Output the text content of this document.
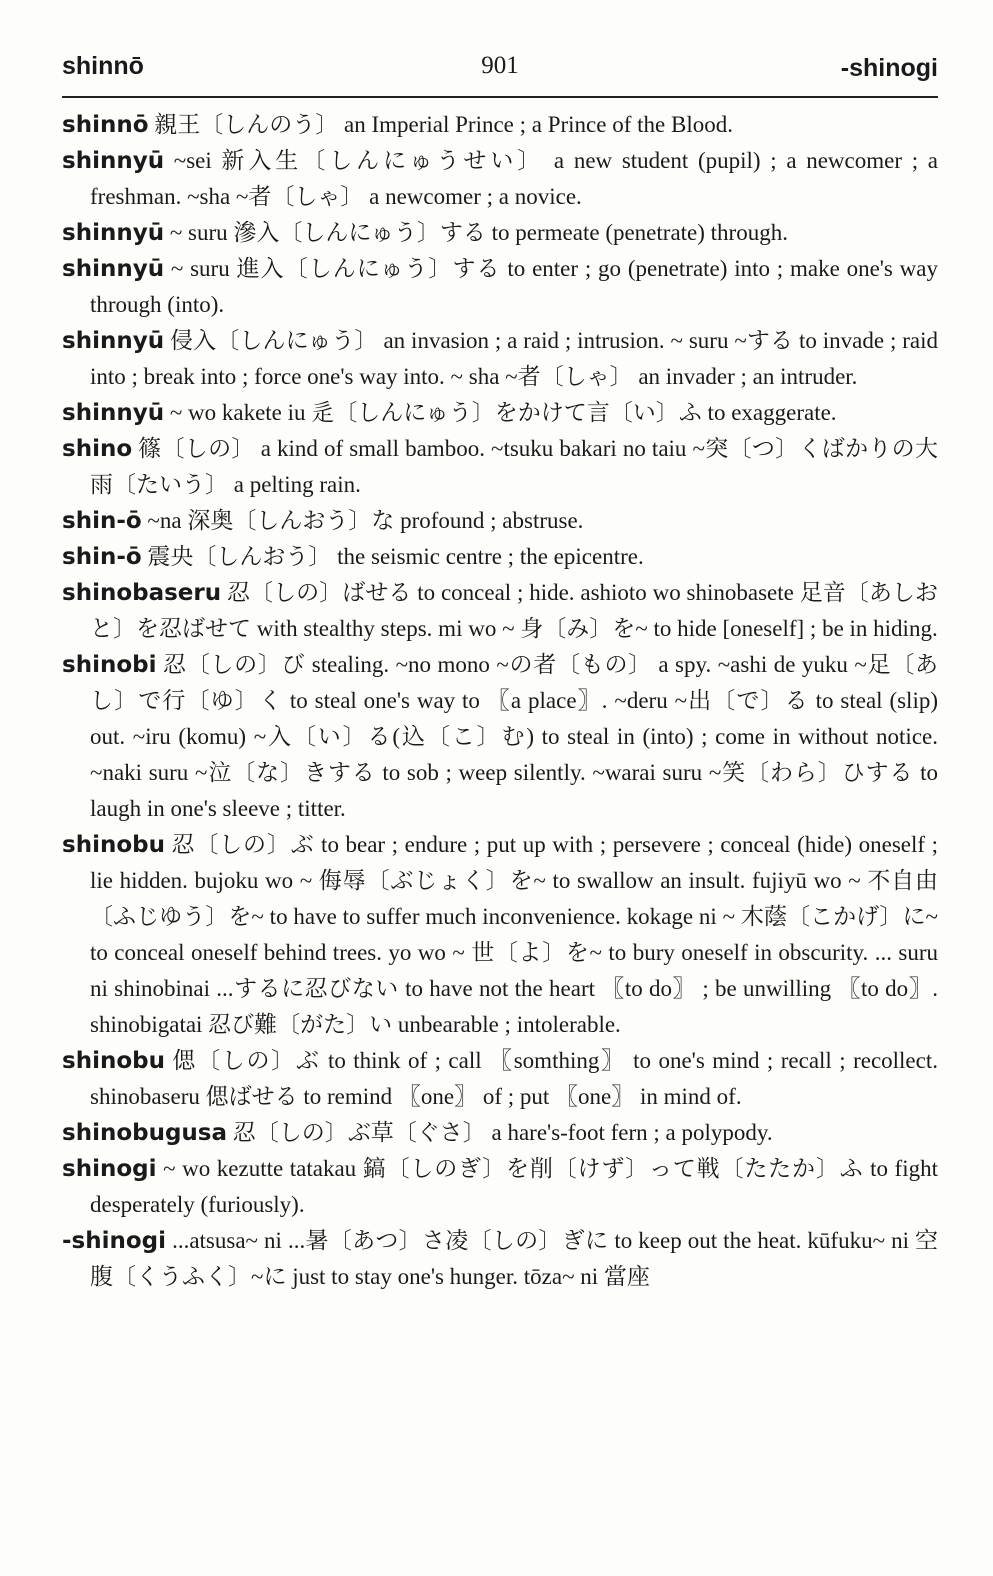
shinnō	901	-shinogi

shinnō 親王〔しんのう〕 an Imperial Prince ; a Prince of the Blood.

shinnyū ~sei 新入生〔しんにゅうせい〕 a new student (pupil) ; a newcomer ; a freshman. ~sha ~者〔しゃ〕 a newcomer ; a novice.

shinnyū ~ suru 滲入〔しんにゅう〕する to permeate (penetrate) through.

shinnyū ~ suru 進入〔しんにゅう〕する to enter ; go (penetrate) into ; make one's way through (into).

shinnyū 侵入〔しんにゅう〕 an invasion ; a raid ; intrusion. ~ suru ~する to invade ; raid into ; break into ; force one's way into. ~ sha ~者〔しゃ〕 an invader ; an intruder.

shinnyū ~ wo kakete iu 辵〔しんにゅう〕をかけて言〔い〕ふ to exaggerate.

shino 篠〔しの〕 a kind of small bamboo. ~tsuku bakari no taiu ~突〔つ〕くばかりの大雨〔たいう〕 a pelting rain.

shin-ō ~na 深奥〔しんおう〕な profound ; abstruse.

shin-ō 震央〔しんおう〕 the seismic centre ; the epicentre.

shinobaseru 忍〔しの〕ばせる to conceal ; hide. ashioto wo shinobasete 足音〔あしおと〕を忍ばせて with stealthy steps. mi wo ~ 身〔み〕を~ to hide [oneself] ; be in hiding.

shinobi 忍〔しの〕び stealing. ~no mono ~の者〔もの〕 a spy. ~ashi de yuku ~足〔あし〕で行〔ゆ〕く to steal one's way to 〖a place〗. ~deru ~出〔で〕る to steal (slip) out. ~iru (komu) ~入〔い〕る(込〔こ〕む) to steal in (into) ; come in without notice. ~naki suru ~泣〔な〕きする to sob ; weep silently. ~warai suru ~笑〔わら〕ひする to laugh in one's sleeve ; titter.

shinobu 忍〔しの〕ぶ to bear ; endure ; put up with ; persevere ; conceal (hide) oneself ; lie hidden. bujoku wo ~ 侮辱〔ぶじょく〕を~ to swallow an insult. fujiyū wo ~ 不自由〔ふじゆう〕を~ to have to suffer much inconvenience. kokage ni ~ 木蔭〔こかげ〕に~ to conceal oneself behind trees. yo wo ~ 世〔よ〕を~ to bury oneself in obscurity. ... suru ni shinobinai ...するに忍びない to have not the heart 〖to do〗 ; be unwilling 〖to do〗. shinobigatai 忍び難〔がた〕い unbearable ; intolerable.

shinobu 偲〔しの〕ぶ to think of ; call 〖somthing〗 to one's mind ; recall ; recollect. shinobaseru 偲ばせる to remind 〖one〗 of ; put 〖one〗 in mind of.

shinobugusa 忍〔しの〕ぶ草〔ぐさ〕 a hare's-foot fern ; a polypody.

shinogi ~ wo kezutte tatakau 鎬〔しのぎ〕を削〔けず〕って戦〔たたか〕ふ to fight desperately (furiously).

-shinogi ...atsusa~ ni ...暑〔あつ〕さ凌〔しの〕ぎに to keep out the heat. kūfuku~ ni 空腹〔くうふく〕~に just to stay one's hunger. tōza~ ni 當座
